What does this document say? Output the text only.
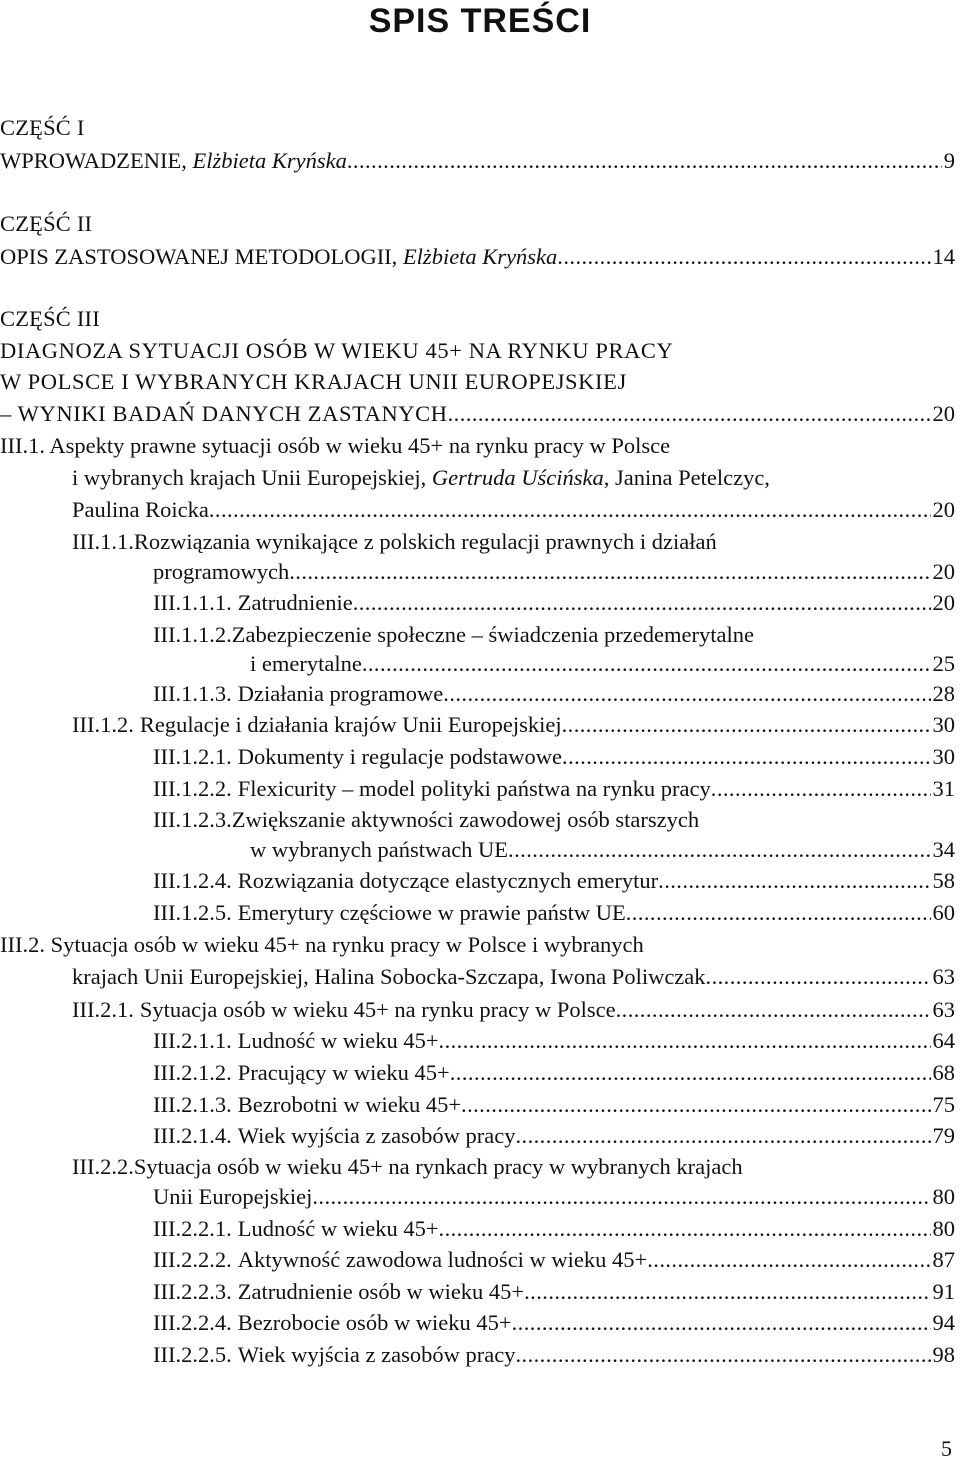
SPIS TREŚCI
CZĘŚĆ I
WPROWADZENIE, Elżbieta Kryńska . . .	9
CZĘŚĆ II
OPIS ZASTOSOWANEJ METODOLOGII, Elżbieta Kryńska . . .	14
CZĘŚĆ III
DIAGNOZA SYTUACJI OSÓB W WIEKU 45+ NA RYNKU PRACY
W POLSCE I WYBRANYCH KRAJACH UNII EUROPEJSKIEJ
– WYNIKI BADAŃ DANYCH ZASTANYCH . . .	20
III.1. Aspekty prawne sytuacji osób w wieku 45+ na rynku pracy w Polsce
i wybranych krajach Unii Europejskiej, Gertruda Uścińska, Janina Petelczyc,
Paulina Roicka . . .	20
III.1.1.Rozwiązania wynikające z polskich regulacji prawnych i działań
programowych . . .	20
III.1.1.1. Zatrudnienie . . .	20
III.1.1.2.Zabezpieczenie społeczne – świadczenia przedemerytalne
i emerytalne . . .	25
III.1.1.3. Działania programowe . . .	28
III.1.2. Regulacje i działania krajów Unii Europejskiej . . .	30
III.1.2.1. Dokumenty i regulacje podstawowe . . .	30
III.1.2.2. Flexicurity – model polityki państwa na rynku pracy . . .	31
III.1.2.3.Zwiększanie aktywności zawodowej osób starszych
w wybranych państwach UE . . .	34
III.1.2.4. Rozwiązania dotyczące elastycznych emerytur . . .	58
III.1.2.5. Emerytury częściowe w prawie państw UE . . .	60
III.2. Sytuacja osób w wieku 45+ na rynku pracy w Polsce i wybranych
krajach Unii Europejskiej, Halina Sobocka-Szczapa, Iwona Poliwczak . . .	63
III.2.1. Sytuacja osób w wieku 45+ na rynku pracy w Polsce . . .	63
III.2.1.1. Ludność w wieku 45+ . . .	64
III.2.1.2. Pracujący w wieku 45+ . . .	68
III.2.1.3. Bezrobotni w wieku 45+ . . .	75
III.2.1.4. Wiek wyjścia z zasobów pracy . . .	79
III.2.2.Sytuacja osób w wieku 45+ na rynkach pracy w wybranych krajach
Unii Europejskiej . . .	80
III.2.2.1. Ludność w wieku 45+ . . .	80
III.2.2.2. Aktywność zawodowa ludności w wieku 45+ . . .	87
III.2.2.3. Zatrudnienie osób w wieku 45+ . . .	91
III.2.2.4. Bezrobocie osób w wieku 45+ . . .	94
III.2.2.5. Wiek wyjścia z zasobów pracy . . .	98
5
